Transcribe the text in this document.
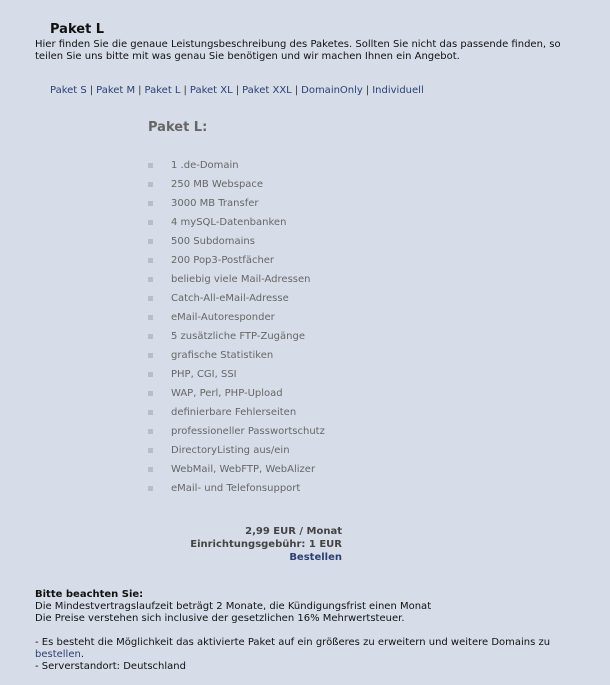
Paket L
Hier finden Sie die genaue Leistungsbeschreibung des Paketes. Sollten Sie nicht das passende finden, so teilen Sie uns bitte mit was genau Sie benötigen und wir machen Ihnen ein Angebot.
Paket S | Paket M | Paket L | Paket XL | Paket XXL | DomainOnly | Individuell
Paket L:
1 .de-Domain
250 MB Webspace
3000 MB Transfer
4 mySQL-Datenbanken
500 Subdomains
200 Pop3-Postfächer
beliebig viele Mail-Adressen
Catch-All-eMail-Adresse
eMail-Autoresponder
5 zusätzliche FTP-Zugänge
grafische Statistiken
PHP, CGI, SSI
WAP, Perl, PHP-Upload
definierbare Fehlerseiten
professioneller Passwortschutz
DirectoryListing aus/ein
WebMail, WebFTP, WebAlizer
eMail- und Telefonsupport
2,99 EUR / Monat
Einrichtungsgebühr: 1 EUR
Bestellen
Bitte beachten Sie:
Die Mindestvertragslaufzeit beträgt 2 Monate, die Kündigungsfrist einen Monat
Die Preise verstehen sich inclusive der gesetzlichen 16% Mehrwertsteuer.
- Es besteht die Möglichkeit das aktivierte Paket auf ein größeres zu erweitern und weitere Domains zu
bestellen.
- Serverstandort: Deutschland
